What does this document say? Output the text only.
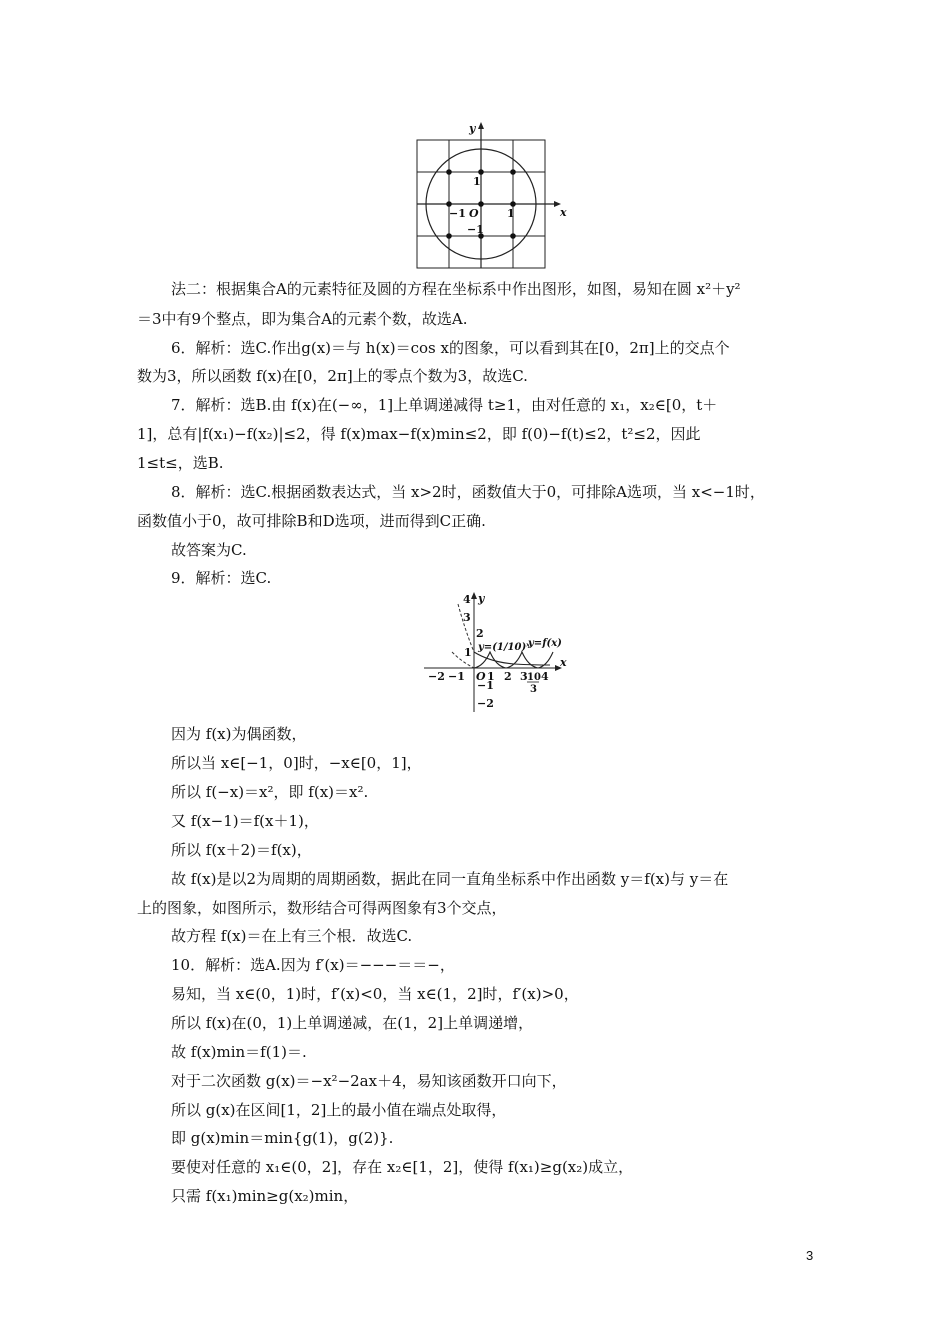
y
x
1
−1 O	1
−1
y
x
4
3
2
1
−1
−2
−2 −1 O 1 2 3 10
3
4
y=(1/10)ˣ
y=f(x)
法二：根据集合A的元素特征及圆的方程在坐标系中作出图形，如图，易知在圆 x²＋y²
＝3中有9个整点，即为集合A的元素个数，故选A.
6．解析：选C.作出g(x)＝与 h(x)＝cos x的图象，可以看到其在[0，2π]上的交点个
数为3，所以函数 f(x)在[0，2π]上的零点个数为3，故选C.
7．解析：选B.由 f(x)在(−∞，1]上单调递减得 t≥1，由对任意的 x₁，x₂∈[0，t＋
1]，总有|f(x₁)−f(x₂)|≤2，得 f(x)max−f(x)min≤2，即 f(0)−f(t)≤2，t²≤2，因此
1≤t≤，选B.
8．解析：选C.根据函数表达式，当 x>2时，函数值大于0，可排除A选项，当 x<−1时，
函数值小于0，故可排除B和D选项，进而得到C正确.
故答案为C.
9．解析：选C.
因为 f(x)为偶函数，
所以当 x∈[−1，0]时，−x∈[0，1]，
所以 f(−x)＝x²，即 f(x)＝x².
又 f(x−1)＝f(x＋1)，
所以 f(x＋2)＝f(x)，
故 f(x)是以2为周期的周期函数，据此在同一直角坐标系中作出函数 y＝f(x)与 y＝在
上的图象，如图所示，数形结合可得两图象有3个交点，
故方程 f(x)＝在上有三个根．故选C.
10．解析：选A.因为 f′(x)＝−−−＝＝−，
易知，当 x∈(0，1)时，f′(x)<0，当 x∈(1，2]时，f′(x)>0，
所以 f(x)在(0，1)上单调递减，在(1，2]上单调递增，
故 f(x)min＝f(1)＝.
对于二次函数 g(x)＝−x²−2ax＋4，易知该函数开口向下，
所以 g(x)在区间[1，2]上的最小值在端点处取得，
即 g(x)min＝min{g(1)，g(2)}.
要使对任意的 x₁∈(0，2]，存在 x₂∈[1，2]，使得 f(x₁)≥g(x₂)成立，
只需 f(x₁)min≥g(x₂)min，
3
